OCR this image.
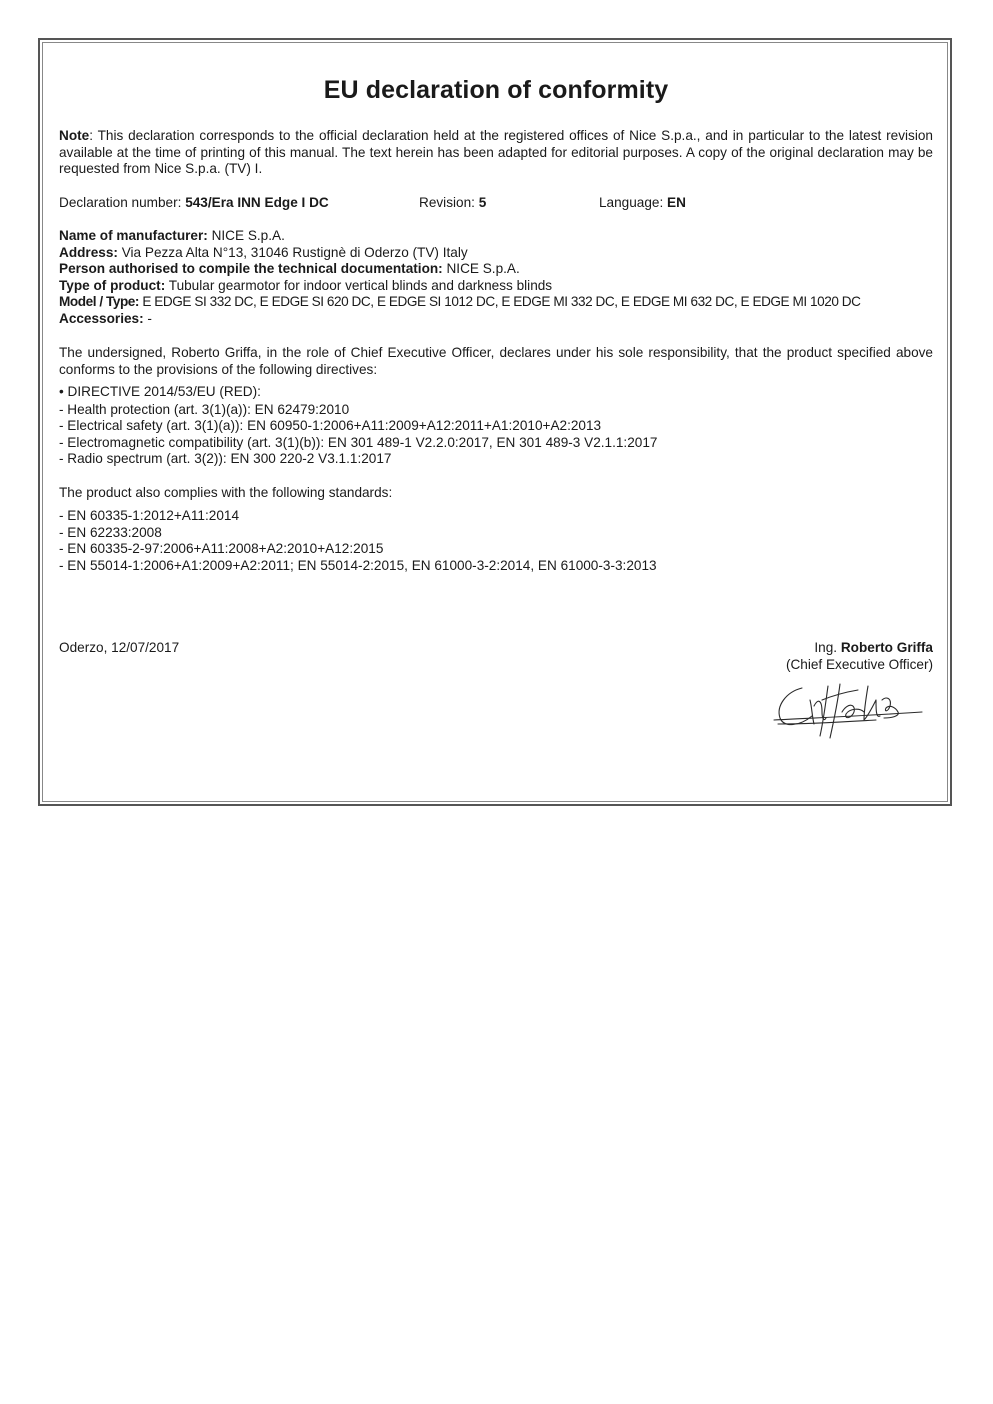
EU declaration of conformity
Note: This declaration corresponds to the official declaration held at the registered offices of Nice S.p.a., and in particular to the latest revision available at the time of printing of this manual. The text herein has been adapted for editorial purposes. A copy of the original declaration may be requested from Nice S.p.a. (TV) I.
Declaration number: 543/Era INN Edge I DC	Revision: 5	Language: EN
Name of manufacturer: NICE S.p.A.
Address: Via Pezza Alta N°13, 31046 Rustignè di Oderzo (TV) Italy
Person authorised to compile the technical documentation: NICE S.p.A.
Type of product: Tubular gearmotor for indoor vertical blinds and darkness blinds
Model / Type: E EDGE SI 332 DC, E EDGE SI 620 DC, E EDGE SI 1012 DC, E EDGE MI 332 DC, E EDGE MI 632 DC, E EDGE MI 1020 DC
Accessories: -
The undersigned, Roberto Griffa, in the role of Chief Executive Officer, declares under his sole responsibility, that the product specified above conforms to the provisions of the following directives:
• DIRECTIVE 2014/53/EU (RED):
- Health protection (art. 3(1)(a)): EN 62479:2010
- Electrical safety (art. 3(1)(a)): EN 60950-1:2006+A11:2009+A12:2011+A1:2010+A2:2013
- Electromagnetic compatibility (art. 3(1)(b)): EN 301 489-1 V2.2.0:2017, EN 301 489-3 V2.1.1:2017
- Radio spectrum (art. 3(2)): EN 300 220-2 V3.1.1:2017
The product also complies with the following standards:
- EN 60335-1:2012+A11:2014
- EN 62233:2008
- EN 60335-2-97:2006+A11:2008+A2:2010+A12:2015
- EN 55014-1:2006+A1:2009+A2:2011; EN 55014-2:2015, EN 61000-3-2:2014, EN 61000-3-3:2013
Oderzo, 12/07/2017	Ing. Roberto Griffa
(Chief Executive Officer)
